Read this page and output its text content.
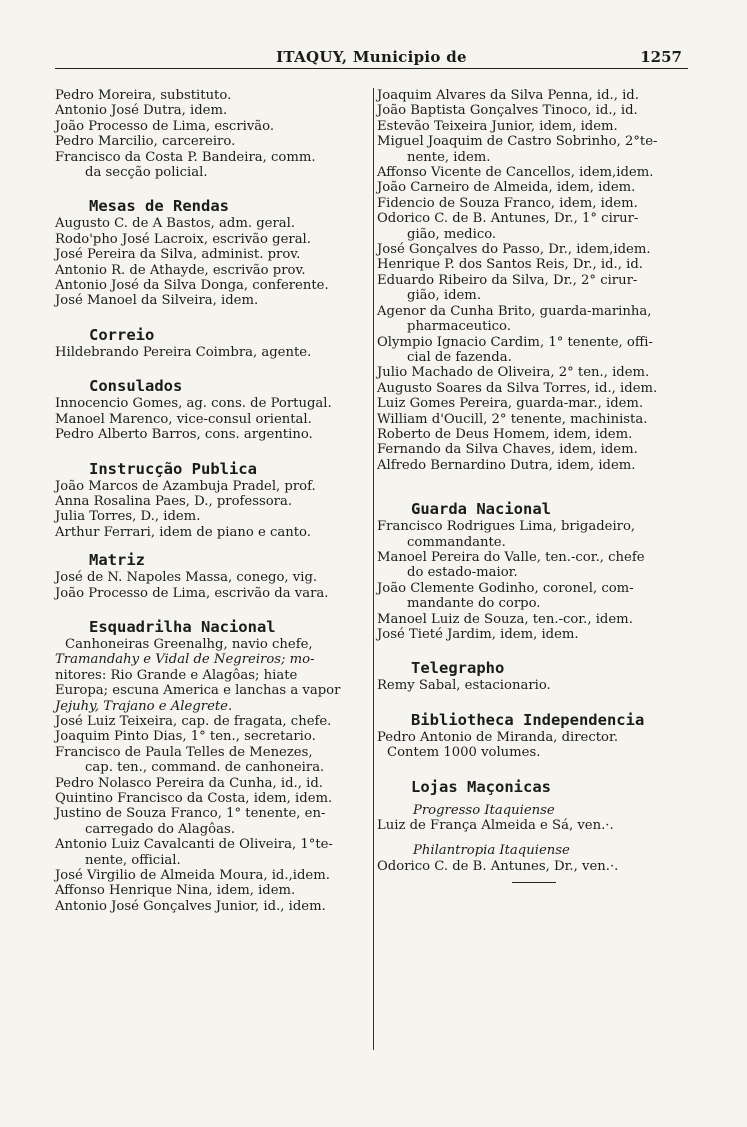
ITAQUY, Municipio de	1257
Pedro Moreira, substituto.
Antonio José Dutra, idem.
João Processo de Lima, escrivão.
Pedro Marcilio, carcereiro.
Francisco da Costa P. Bandeira, comm.
da secção policial.
Mesas de Rendas
Augusto C. de A Bastos, adm. geral.
Rodo'pho José Lacroix, escrivão geral.
José Pereira da Silva, administ. prov.
Antonio R. de Athayde, escrivão prov.
Antonio José da Silva Donga, conferente.
José Manoel da Silveira, idem.
Correio
Hildebrando Pereira Coimbra, agente.
Consulados
Innocencio Gomes, ag. cons. de Portugal.
Manoel Marenco, vice-consul oriental.
Pedro Alberto Barros, cons. argentino.
Instrucção Publica
João Marcos de Azambuja Pradel, prof.
Anna Rosalina Paes, D., professora.
Julia Torres, D., idem.
Arthur Ferrari, idem de piano e canto.
Matriz
José de N. Napoles Massa, conego, vig.
João Processo de Lima, escrivão da vara.
Esquadrilha Nacional
Canhoneiras Greenalhg, navio chefe,
Tramandahy e Vidal de Negreiros; mo-
nitores: Rio Grande e Alagôas; hiate
Europa; escuna America e lanchas a vapor
Jejuhy, Trajano e Alegrete.
José Luiz Teixeira, cap. de fragata, chefe.
Joaquim Pinto Dias, 1° ten., secretario.
Francisco de Paula Telles de Menezes,
cap. ten., command. de canhoneira.
Pedro Nolasco Pereira da Cunha, id., id.
Quintino Francisco da Costa, idem, idem.
Justino de Souza Franco, 1° tenente, en-
carregado do Alagôas.
Antonio Luiz Cavalcanti de Oliveira, 1°te-
nente, official.
José Virgilio de Almeida Moura, id.,idem.
Affonso Henrique Nina, idem, idem.
Antonio José Gonçalves Junior, id., idem.
Joaquim Alvares da Silva Penna, id., id.
João Baptista Gonçalves Tinoco, id., id.
Estevão Teixeira Junior, idem, idem.
Miguel Joaquim de Castro Sobrinho, 2°te-
nente, idem.
Affonso Vicente de Cancellos, idem,idem.
João Carneiro de Almeida, idem, idem.
Fidencio de Souza Franco, idem, idem.
Odorico C. de B. Antunes, Dr., 1° cirur-
gião, medico.
José Gonçalves do Passo, Dr., idem,idem.
Henrique P. dos Santos Reis, Dr., id., id.
Eduardo Ribeiro da Silva, Dr., 2° cirur-
gião, idem.
Agenor da Cunha Brito, guarda-marinha,
pharmaceutico.
Olympio Ignacio Cardim, 1° tenente, offi-
cial de fazenda.
Julio Machado de Oliveira, 2° ten., idem.
Augusto Soares da Silva Torres, id., idem.
Luiz Gomes Pereira, guarda-mar., idem.
William d'Oucill, 2° tenente, machinista.
Roberto de Deus Homem, idem, idem.
Fernando da Silva Chaves, idem, idem.
Alfredo Bernardino Dutra, idem, idem.
Guarda Nacional
Francisco Rodrigues Lima, brigadeiro,
commandante.
Manoel Pereira do Valle, ten.-cor., chefe
do estado-maior.
João Clemente Godinho, coronel, com-
mandante do corpo.
Manoel Luiz de Souza, ten.-cor., idem.
José Tieté Jardim, idem, idem.
Telegrapho
Remy Sabal, estacionario.
Bibliotheca Independencia
Pedro Antonio de Miranda, director.
Contem 1000 volumes.
Lojas Maçonicas
Progresso Itaquiense
Luiz de França Almeida e Sá, ven.·.
Philantropia Itaquiense
Odorico C. de B. Antunes, Dr., ven.·.
